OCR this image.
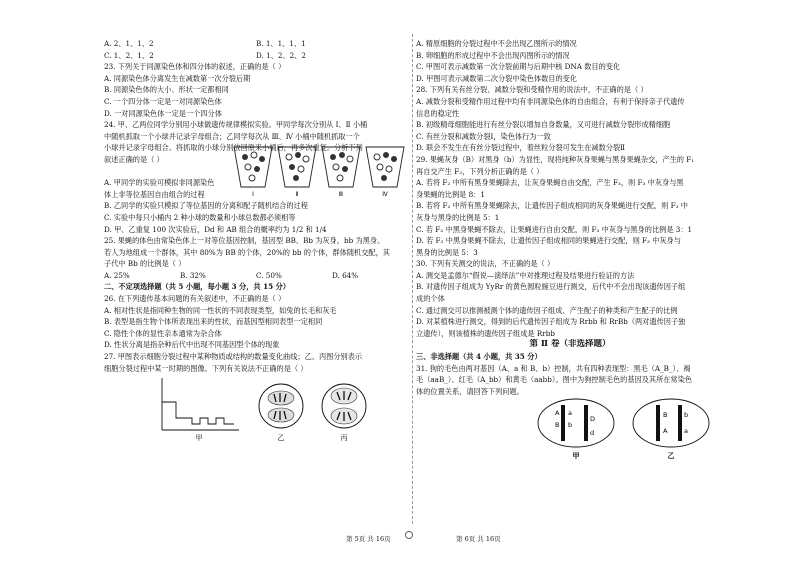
A. 2、1、1、2	B. 1、1、1、1
C. 1、2、1、2	D. 1、2、2、2
23. 下列关于同源染色体和四分体的叙述，正确的是（ ）
A. 同源染色体分离发生在减数第一次分裂后期
B. 同源染色体的大小、形状一定都相同
C. 一个四分体一定是一对同源染色体
D. 一对同源染色体一定是一个四分体
24. 甲、乙两位同学分别用小球做遗传规律模拟实验。甲同学每次分别从 Ⅰ、Ⅱ 小桶
中随机抓取一个小球并记录字母组合；乙同学每次从 Ⅲ、Ⅳ 小桶中随机抓取一个
小球并记录字母组合。将抓取的小球分别放回原来小桶后，再多次重复。分析下列
叙述正确的是（ ）
Ⅰ	Ⅱ	Ⅲ	Ⅳ
A. 甲同学的实验可模拟非同源染色
体上非等位基因自由组合的过程
B. 乙同学的实验只模拟了等位基因的分离和配子随机结合的过程
C. 实验中每只小桶内 2 种小球的数量和小球总数都必须相等
D. 甲、乙重复 100 次实验后，Dd 和 AB 组合的概率约为 1/2 和 1/4
25. 果蝇的体色由常染色体上一对等位基因控制，基因型 BB、Bb 为灰身，bb 为黑身。
若人为地组成一个群体，其中 80%为 BB 的个体，20%的 bb 的个体，群体随机交配，其
子代中 Bb 的比例是（ ）
A. 25%	B. 32%	C. 50%	D. 64%
二、不定项选择题（共 5 小题，每小题 3 分，共 15 分）
26. 在下列遗传基本问题的有关叙述中，不正确的是（ ）
A. 相对性状是指同种生物的同一性状的不同表现类型，如兔的长毛和灰毛
B. 表型是指生物个体所表现出来的性状，而基因型相同表型一定相同
C. 隐性个体的显性亲本通常为杂合体
D. 性状分离是指杂种后代中出现不同基因型个体的现象
27. 甲图表示细胞分裂过程中某种物质或结构的数量变化曲线；乙、丙图分别表示
细胞分裂过程中某一时期的图像。下列有关说法不正确的是（ ）
甲	乙	丙
A. 精原细胞的分裂过程中不会出现乙图所示的情况
B. 卵细胞的形成过程中不会出现丙图所示的情况
C. 甲图可表示减数第一次分裂前期与后期中核 DNA 数目的变化
D. 甲图可表示减数第二次分裂中染色体数目的变化
28. 下列有关有丝分裂、减数分裂和受精作用的说法中，不正确的是（ ）
A. 减数分裂和受精作用过程中均有非同源染色体的自由组合，有利于保持亲子代遗传
信息的稳定性
B. 初级精母细胞能进行有丝分裂以增加自身数量，又可进行减数分裂形成精细胞
C. 有丝分裂和减数分裂Ⅰ，染色体行为一致
D. 联会不发生在有丝分裂过程中，着丝粒分裂可发生在减数分裂Ⅱ
29. 果蝇灰身（B）对黑身（b）为显性，现将纯种灰身果蝇与黑身果蝇杂交，产生的 F₁
再自交产生 F₂，下列分析正确的是（ ）
A. 若将 F₂ 中所有黑身果蝇除去，让灰身果蝇自由交配，产生 F₃，则 F₃ 中灰身与黑
身果蝇的比例是 8：1
B. 若将 F₂ 中所有黑身果蝇除去，让遗传因子组成相同的灰身果蝇进行交配，则 F₃ 中
灰身与黑身的比例是 5：1
C. 若 F₂ 中黑身果蝇不除去，让果蝇进行自由交配，则 F₃ 中灰身与黑身的比例是 3：1
D. 若 F₂ 中黑身果蝇不除去，让遗传因子组成相同的果蝇进行交配，则 F₃ 中灰身与
黑身的比例是 5：3
30. 下列有关测交的说法，不正确的是（ ）
A. 测交是孟德尔“假说—演绎法”中对推理过程及结果进行验证的方法
B. 对遗传因子组成为 YyRr 的黄色圆粒豌豆进行测交，后代中不会出现该遗传因子组
成的个体
C. 通过测交可以推测被测个体的遗传因子组成、产生配子的种类和产生配子的比例
D. 对某植株进行测交，得到的后代遗传因子组成为 Rrbb 和 RrBb（两对遗传因子独
立遗传），则该植株的遗传因子组成是 Rrbb
第 Ⅱ 卷（非选择题）
三、非选择题（共 4 小题，共 35 分）
31. 狗的毛色由两对基因（A、a 和 B、b）控制，共有四种表现型：黑毛（A_B_）、褐
毛（aaB_）、红毛（A_bb）和黄毛（aabb）。图中为狗控制毛色的基因及其所在常染色
体的位置关系，请回答下列问题。
A a
B b
D
d
甲
B
A
b
a
乙
第 5页 共 16页	第 6页 共 16页
